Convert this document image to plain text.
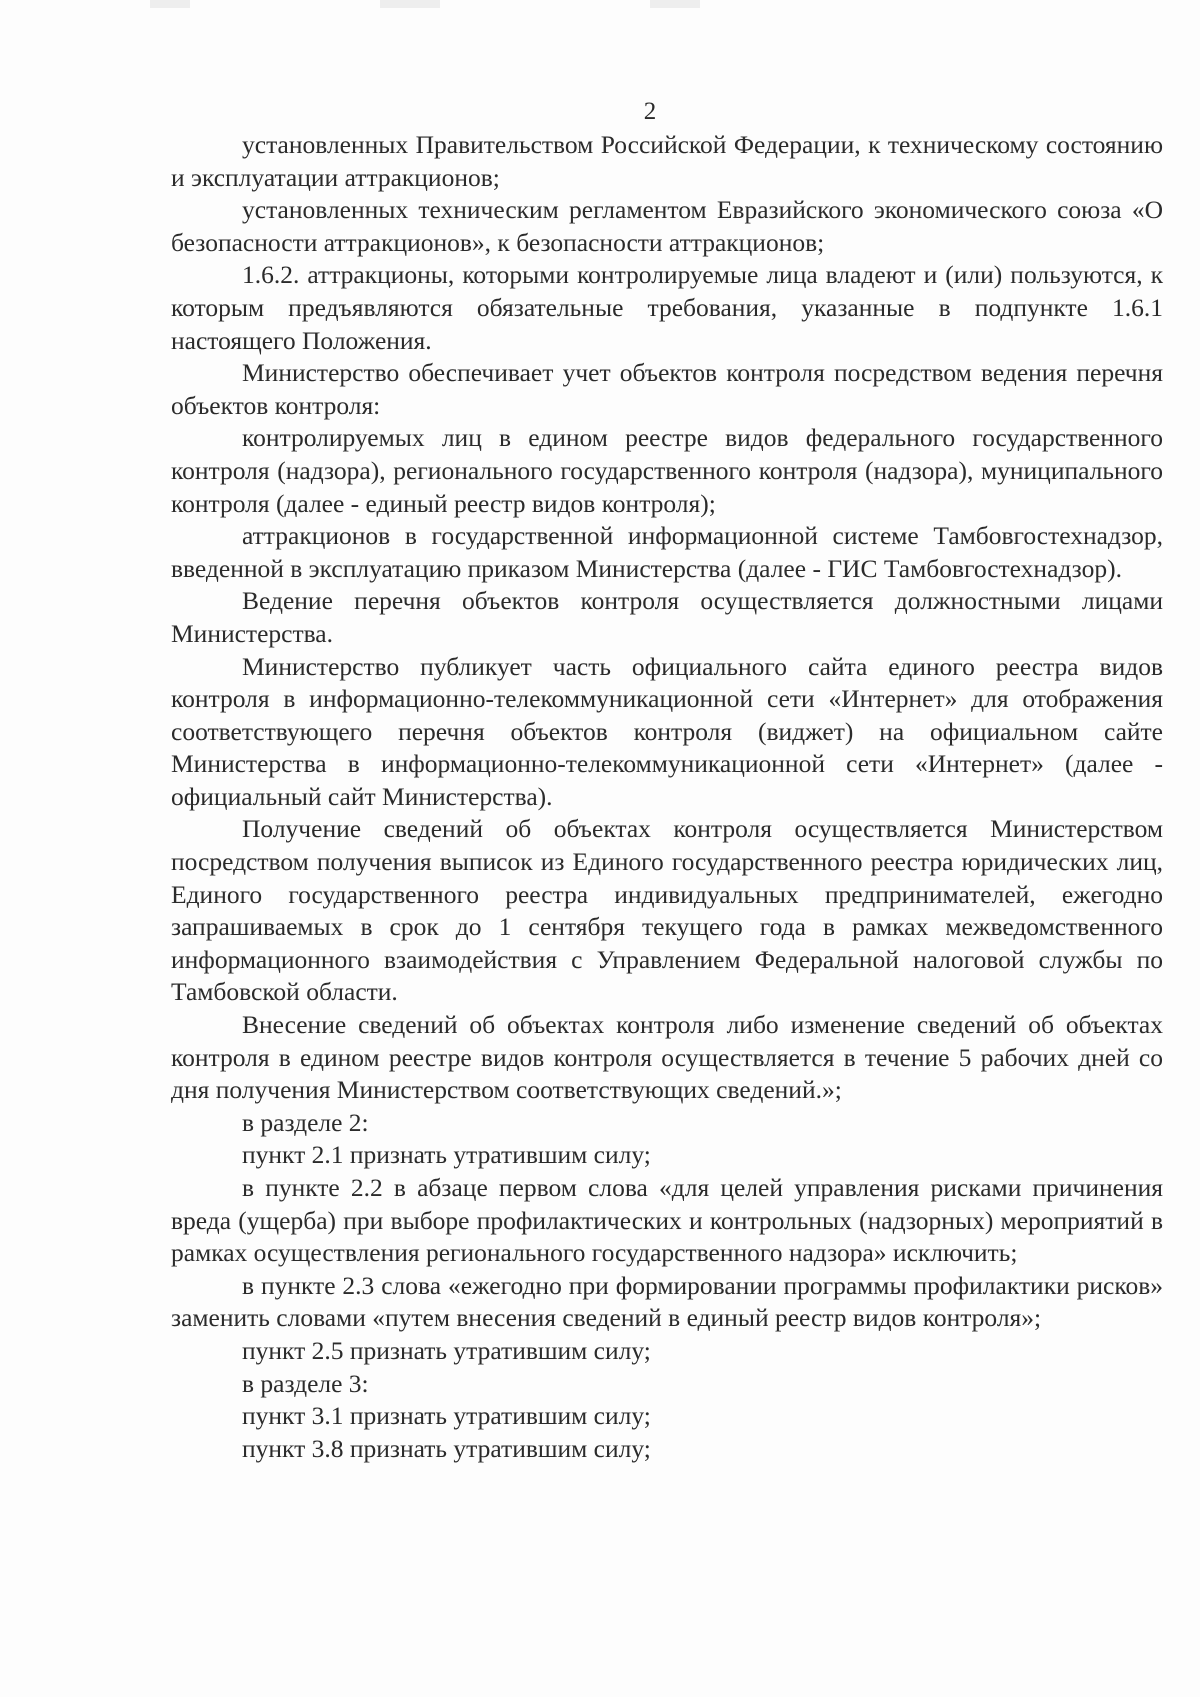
2

установленных Правительством Российской Федерации, к техническому состоянию и эксплуатации аттракционов;

установленных техническим регламентом Евразийского экономического союза «О безопасности аттракционов», к безопасности аттракционов;

1.6.2. аттракционы, которыми контролируемые лица владеют и (или) пользуются, к которым предъявляются обязательные требования, указанные в подпункте 1.6.1 настоящего Положения.

Министерство обеспечивает учет объектов контроля посредством ведения перечня объектов контроля:

контролируемых лиц в едином реестре видов федерального государственного контроля (надзора), регионального государственного контроля (надзора), муниципального контроля (далее - единый реестр видов контроля);

аттракционов в государственной информационной системе Тамбовгостехнадзор, введенной в эксплуатацию приказом Министерства (далее - ГИС Тамбовгостехнадзор).

Ведение перечня объектов контроля осуществляется должностными лицами Министерства.

Министерство публикует часть официального сайта единого реестра видов контроля в информационно-телекоммуникационной сети «Интернет» для отображения соответствующего перечня объектов контроля (виджет) на официальном сайте Министерства в информационно-телекоммуникационной сети «Интернет» (далее - официальный сайт Министерства).

Получение сведений об объектах контроля осуществляется Министерством посредством получения выписок из Единого государственного реестра юридических лиц, Единого государственного реестра индивидуальных предпринимателей, ежегодно запрашиваемых в срок до 1 сентября текущего года в рамках межведомственного информационного взаимодействия с Управлением Федеральной налоговой службы по Тамбовской области.

Внесение сведений об объектах контроля либо изменение сведений об объектах контроля в едином реестре видов контроля осуществляется в течение 5 рабочих дней со дня получения Министерством соответствующих сведений.»;

в разделе 2:

пункт 2.1 признать утратившим силу;

в пункте 2.2 в абзаце первом слова «для целей управления рисками причинения вреда (ущерба) при выборе профилактических и контрольных (надзорных) мероприятий в рамках осуществления регионального государственного надзора» исключить;

в пункте 2.3 слова «ежегодно при формировании программы профилактики рисков» заменить словами «путем внесения сведений в единый реестр видов контроля»;

пункт 2.5 признать утратившим силу;

в разделе 3:

пункт 3.1 признать утратившим силу;

пункт 3.8 признать утратившим силу;
